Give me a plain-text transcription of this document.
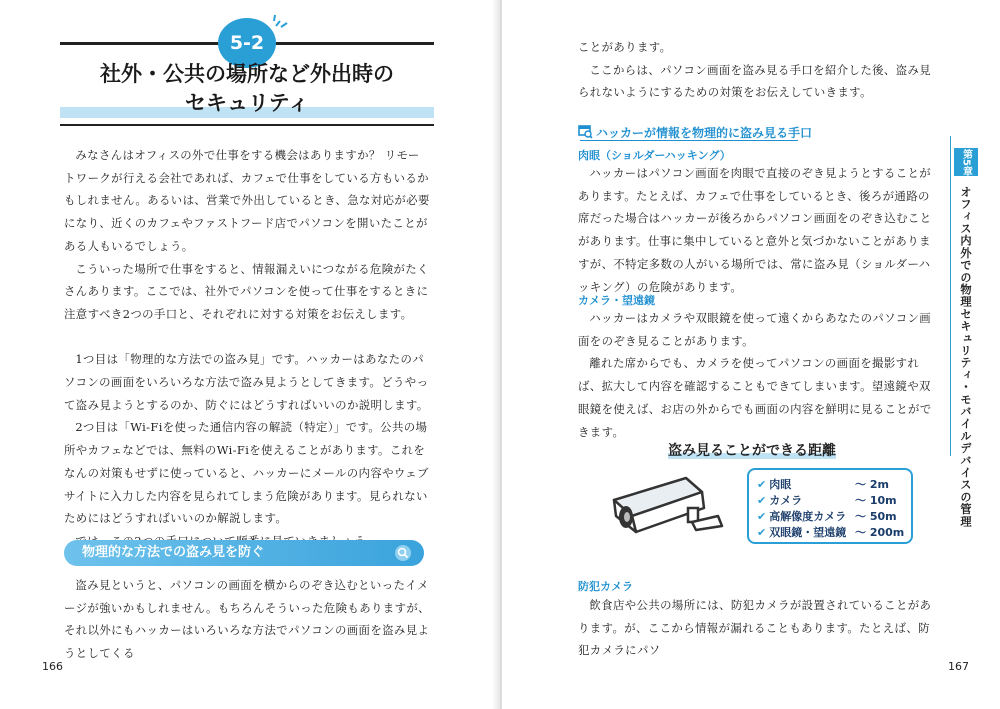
5-2
社外・公共の場所など外出時の
セキュリティ

みなさんはオフィスの外で仕事をする機会はありますか？ リモートワークが行える会社であれば、カフェで仕事をしている方もいるかもしれません。あるいは、営業で外出しているとき、急な対応が必要になり、近くのカフェやファストフード店でパソコンを開いたことがある人もいるでしょう。

こういった場所で仕事をすると、情報漏えいにつながる危険がたくさんあります。ここでは、社外でパソコンを使って仕事をするときに注意すべき2つの手口と、それぞれに対する対策をお伝えします。

1つ目は「物理的な方法での盗み見」です。ハッカーはあなたのパソコンの画面をいろいろな方法で盗み見ようとしてきます。どうやって盗み見ようとするのか、防ぐにはどうすればいいのか説明します。

2つ目は「Wi-Fiを使った通信内容の解読（特定）」です。公共の場所やカフェなどでは、無料のWi-Fiを使えることがあります。これをなんの対策もせずに使っていると、ハッカーにメールの内容やウェブサイトに入力した内容を見られてしまう危険があります。見られないためにはどうすればいいのか解説します。

物理的な方法での盗み見を防ぐ

盗み見というと、パソコンの画面を横からのぞき込むといったイメージが強いかもしれません。もちろんそういった危険もありますが、それ以外にもハッカーはいろいろな方法でパソコンの画面を盗み見ようとしてくる

166

ことがあります。

ここからは、パソコン画面を盗み見る手口を紹介した後、盗み見られないようにするための対策をお伝えしていきます。

ハッカーが情報を物理的に盗み見る手口
肉眼（ショルダーハッキング）

ハッカーはパソコン画面を肉眼で直接のぞき見ようとすることがあります。たとえば、カフェで仕事をしているとき、後ろが通路の席だった場合はハッカーが後ろからパソコン画面をのぞき込むことがあります。仕事に集中していると意外と気づかないことがありますが、不特定多数の人がいる場所では、常に盗み見（ショルダーハッキング）の危険があります。

カメラ・望遠鏡

ハッカーはカメラや双眼鏡を使って遠くからあなたのパソコン画面をのぞき見ることがあります。

離れた席からでも、カメラを使ってパソコンの画面を撮影すれば、拡大して内容を確認することもできてしまいます。望遠鏡や双眼鏡を使えば、お店の外からでも画面の内容を鮮明に見ることができます。

盗み見ることができる距離
✔ 肉眼	〜 2m
✔ カメラ	〜 10m
✔ 高解像度カメラ 〜 50m
✔ 双眼鏡・望遠鏡 〜 200m
防犯カメラ

飲食店や公共の場所には、防犯カメラが設置されていることがあります。が、ここから情報が漏れることもあります。たとえば、防犯カメラにパソ

第5章
オフィス内外での物理セキュリティ・モバイルデバイスの管理
167
